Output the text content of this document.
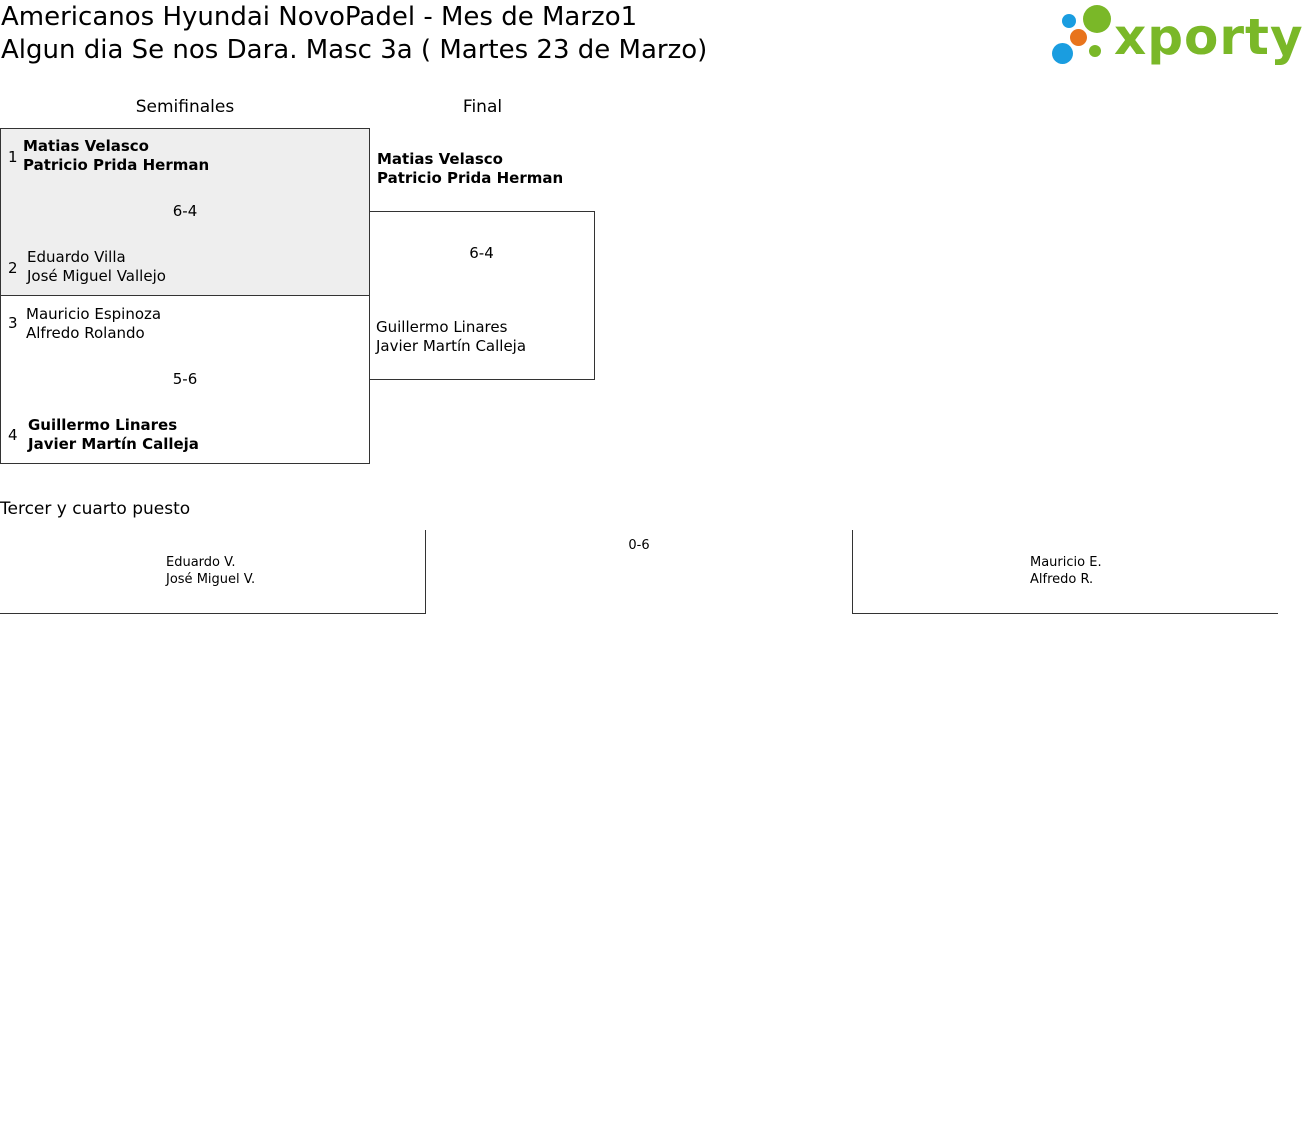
Americanos Hyundai NovoPadel - Mes de Marzo1
Algun dia Se nos Dara. Masc 3a ( Martes 23 de Marzo)	xporty
Semifinales	Final
1
Matias Velasco
Patricio Prida Herman
6-4
2
Eduardo Villa
José Miguel Vallejo
3 Mauricio Espinoza
Alfredo Rolando
5-6
4
Guillermo Linares
Javier Martín Calleja
Matias Velasco
Patricio Prida Herman
6-4
Guillermo Linares
Javier Martín Calleja
Tercer y cuarto puesto
Eduardo V.
José Miguel V.
0-6
Mauricio E.
Alfredo R.
